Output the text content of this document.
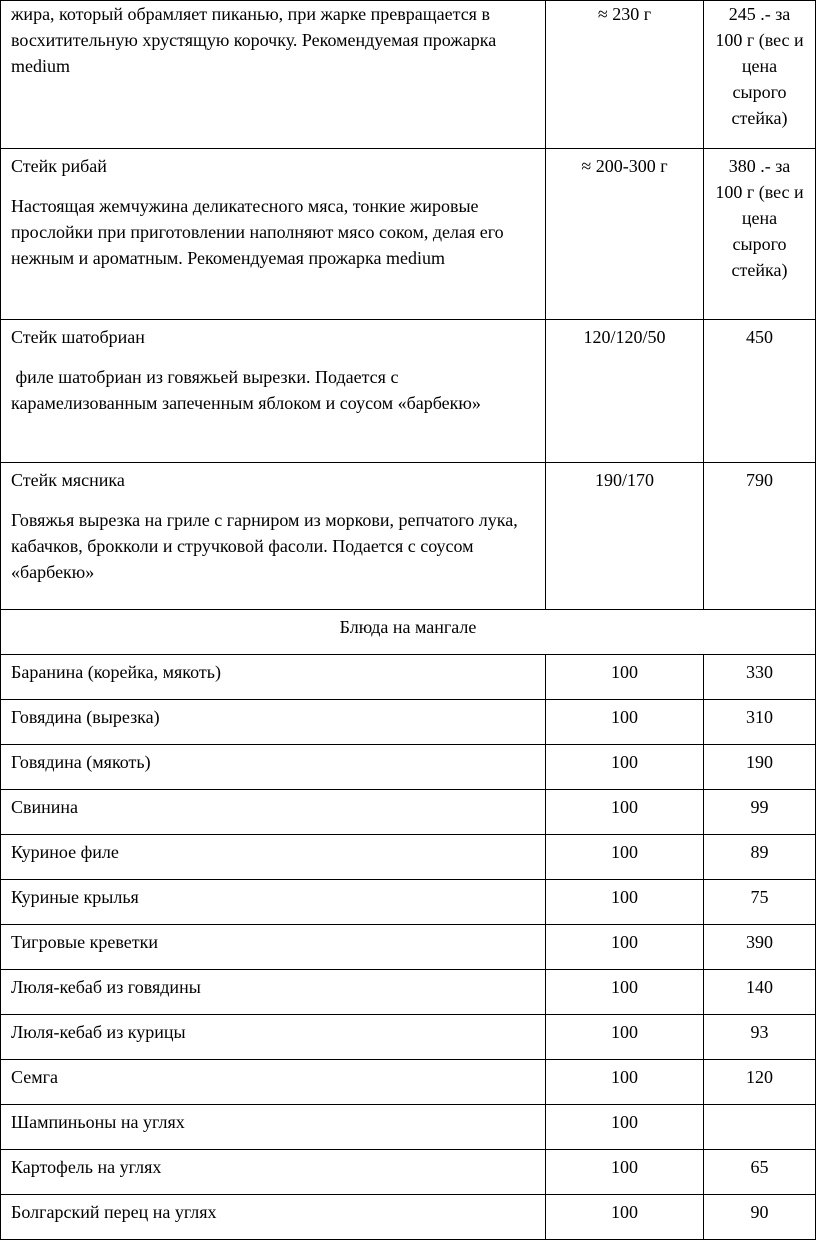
жира, который обрамляет пиканью, при жарке превращается в восхитительную хрустящую корочку. Рекомендуемая прожарка medium	≈ 230 г	245 .- за 100 г (вес и цена сырого стейка)

Стейк рибай
Настоящая жемчужина деликатесного мяса, тонкие жировые прослойки при приготовлении наполняют мясо соком, делая его нежным и ароматным. Рекомендуемая прожарка medium	≈ 200-300 г	380 .- за 100 г (вес и цена сырого стейка)

Стейк шатобриан
филе шатобриан из говяжьей вырезки. Подается с карамелизованным запеченным яблоком и соусом «барбекю»	120/120/50	450

Стейк мясника
Говяжья вырезка на гриле с гарниром из моркови, репчатого лука, кабачков, брокколи и стручковой фасоли. Подается с соусом «барбекю»	190/170	790
Блюда на мангале		
Баранина (корейка, мякоть)	100	330
Говядина (вырезка)	100	310
Говядина (мякоть)	100	190
Свинина	100	99
Куриное филе	100	89
Куриные крылья	100	75
Тигровые креветки	100	390
Люля-кебаб из говядины	100	140
Люля-кебаб из курицы	100	93
Семга	100	120
Шампиньоны на углях	100	
Картофель на углях	100	65
Болгарский перец на углях	100	90
